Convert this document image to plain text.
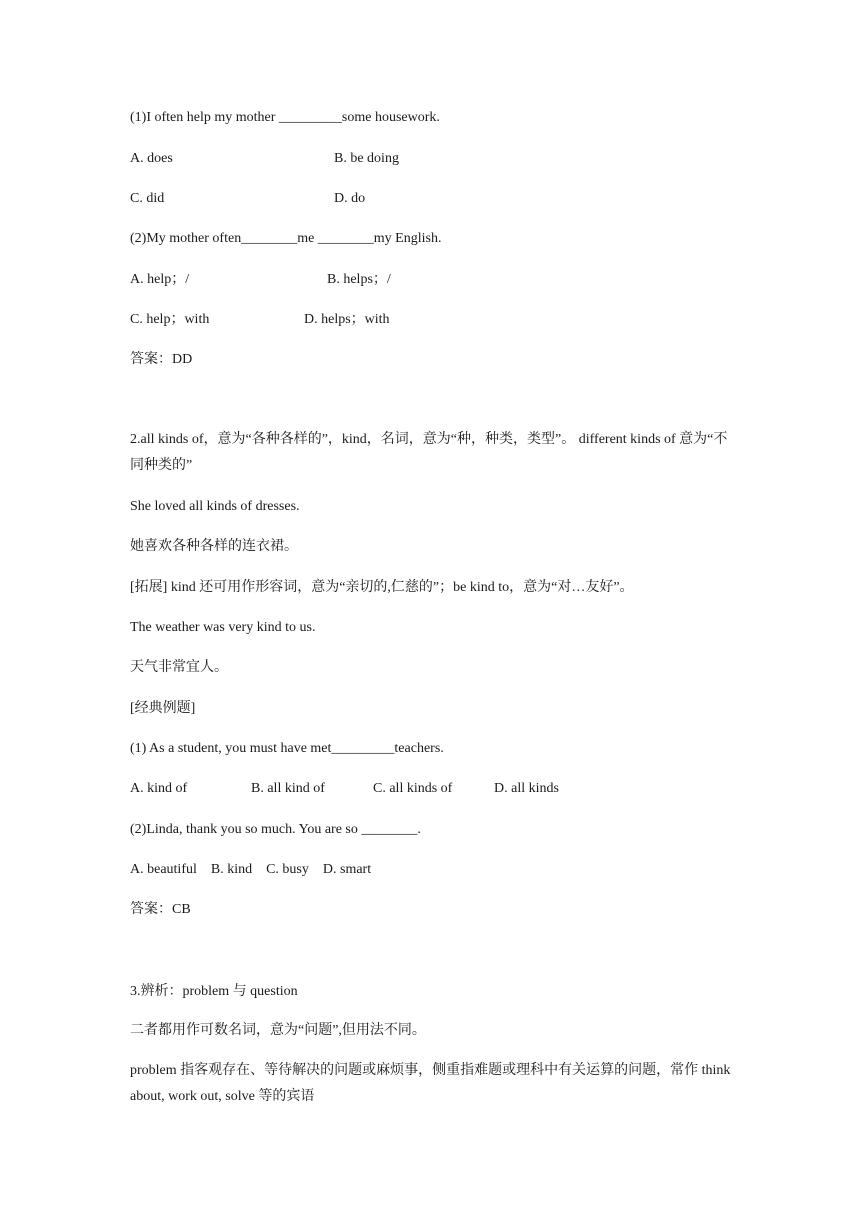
(1)I often help my mother _________some housework.
A. does	B. be doing
C. did	D. do
(2)My mother often________me ________my English.
A. help；/	B. helps；/
C. help；with	D. helps；with
答案：DD
2.all kinds of，意为“各种各样的”，kind，名词，意为“种，种类，类型”。 different kinds of 意为“不同种类的”
She loved all kinds of dresses.
她喜欢各种各样的连衣裙。
[拓展] kind 还可用作形容词，意为“亲切的,仁慈的”；be kind to，意为“对…友好”。
The weather was very kind to us.
天气非常宜人。
[经典例题]
(1) As a student, you must have met_________teachers.
A. kind of	B. all kind of	C. all kinds of	D. all kinds
(2)Linda, thank you so much. You are so ________.
A. beautiful    B. kind    C. busy    D. smart
答案：CB
3.辨析：problem 与 question
二者都用作可数名词，意为“问题”,但用法不同。
problem 指客观存在、等待解决的问题或麻烦事，侧重指难题或理科中有关运算的问题，常作 think about, work out, solve 等的宾语
